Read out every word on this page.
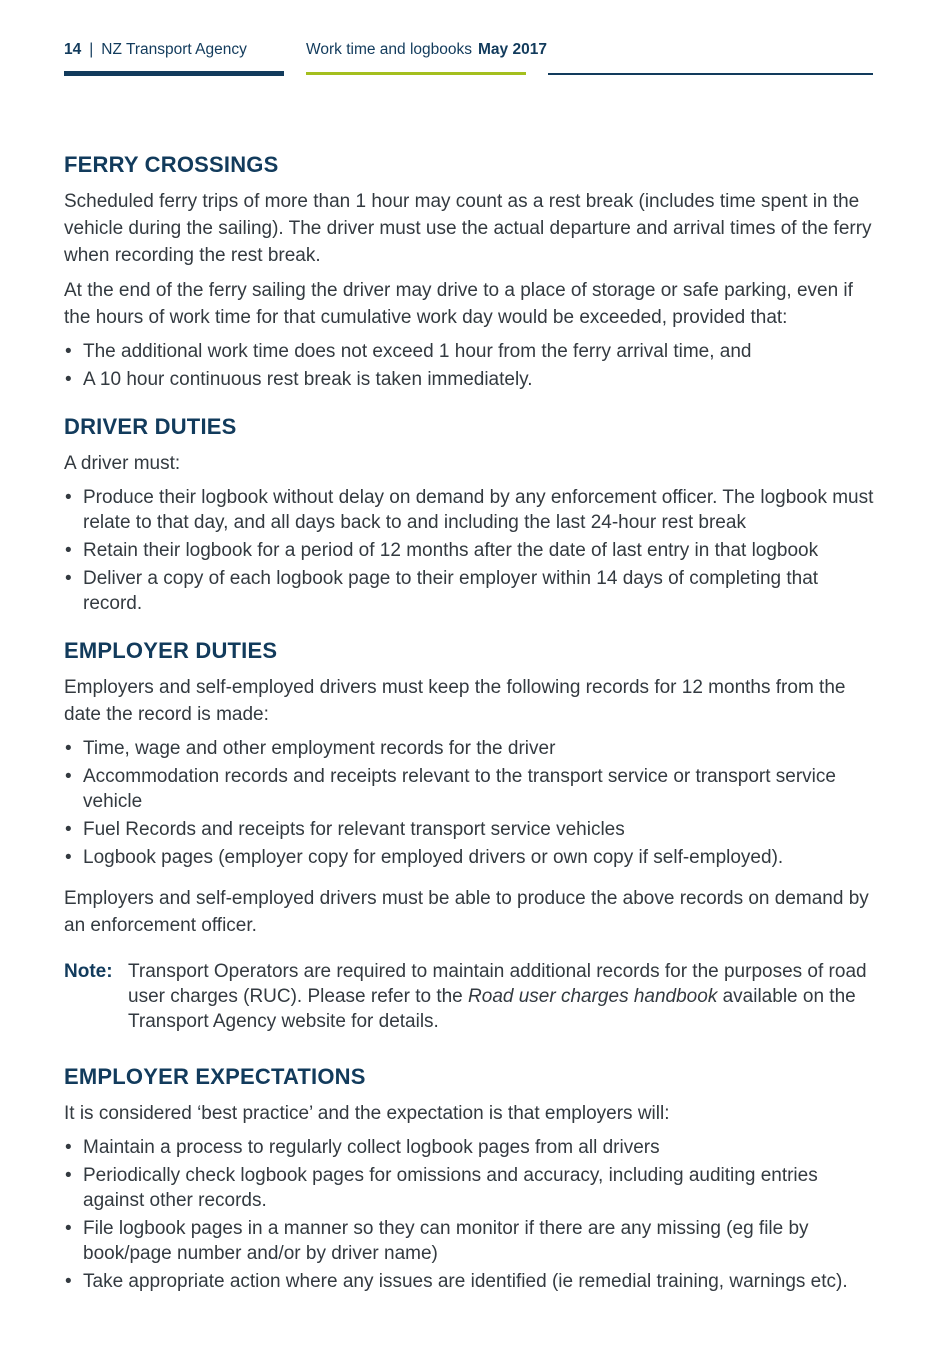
14 | NZ Transport Agency	Work time and logbooks May 2017
FERRY CROSSINGS

Scheduled ferry trips of more than 1 hour may count as a rest break (includes time spent in the vehicle during the sailing). The driver must use the actual departure and arrival times of the ferry when recording the rest break.

At the end of the ferry sailing the driver may drive to a place of storage or safe parking, even if the hours of work time for that cumulative work day would be exceeded, provided that:

• The additional work time does not exceed 1 hour from the ferry arrival time, and
• A 10 hour continuous rest break is taken immediately.
DRIVER DUTIES

A driver must:

• Produce their logbook without delay on demand by any enforcement officer. The logbook must relate to that day, and all days back to and including the last 24-hour rest break
• Retain their logbook for a period of 12 months after the date of last entry in that logbook
• Deliver a copy of each logbook page to their employer within 14 days of completing that record.
EMPLOYER DUTIES

Employers and self-employed drivers must keep the following records for 12 months from the date the record is made:

• Time, wage and other employment records for the driver
• Accommodation records and receipts relevant to the transport service or transport service vehicle
• Fuel Records and receipts for relevant transport service vehicles
• Logbook pages (employer copy for employed drivers or own copy if self-employed).

Employers and self-employed drivers must be able to produce the above records on demand by an enforcement officer.

Note: Transport Operators are required to maintain additional records for the purposes of road user charges (RUC). Please refer to the Road user charges handbook available on the Transport Agency website for details.
EMPLOYER EXPECTATIONS

It is considered ‘best practice’ and the expectation is that employers will:

• Maintain a process to regularly collect logbook pages from all drivers
• Periodically check logbook pages for omissions and accuracy, including auditing entries against other records.
• File logbook pages in a manner so they can monitor if there are any missing (eg file by book/page number and/or by driver name)
• Take appropriate action where any issues are identified (ie remedial training, warnings etc).
